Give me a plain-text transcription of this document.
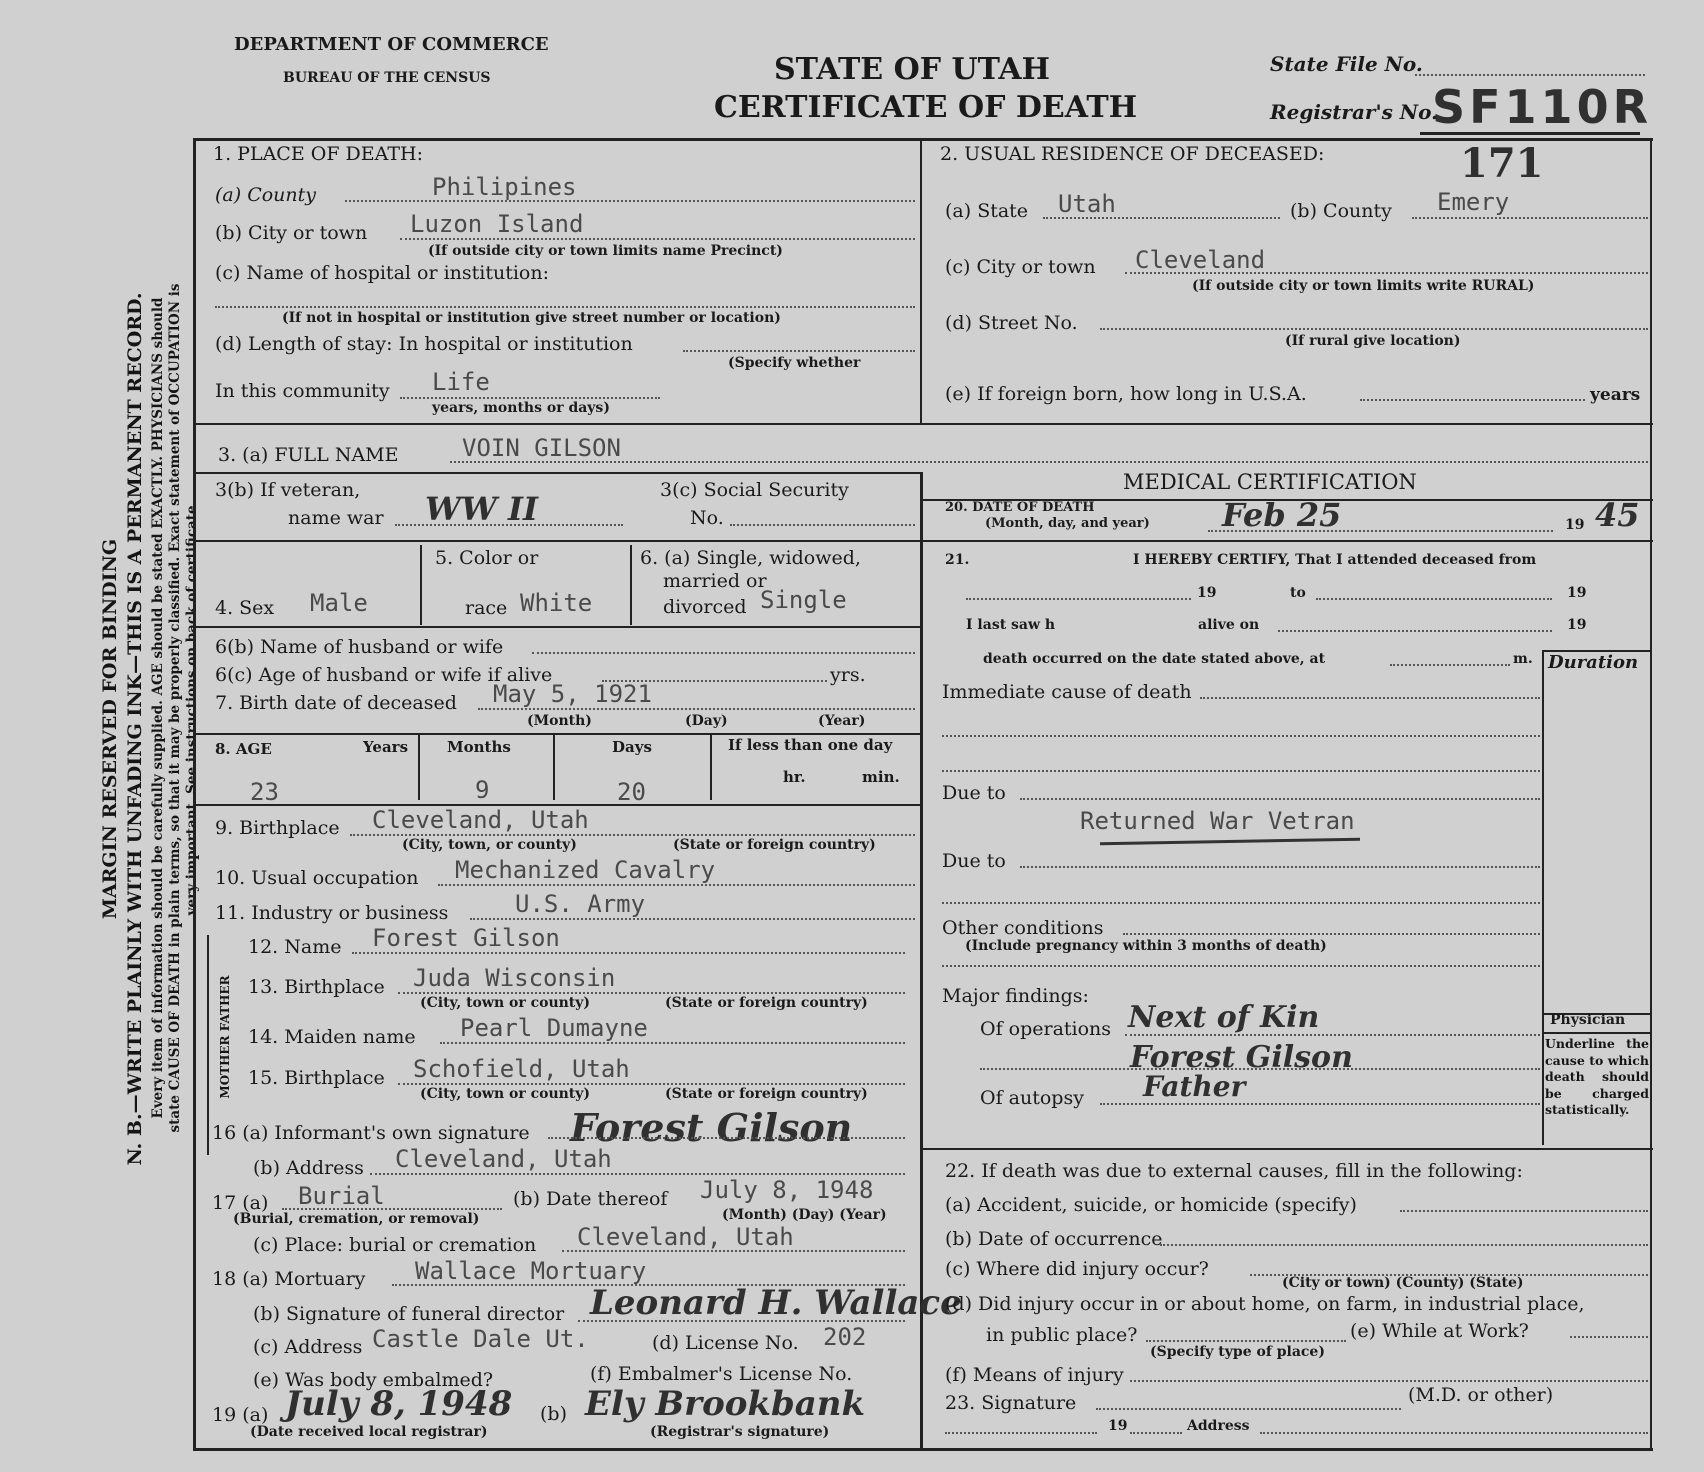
DEPARTMENT OF COMMERCE
BUREAU OF THE CENSUS	STATE OF UTAH
CERTIFICATE OF DEATH
State File No.
Registrar's No.
SF110R
171
MARGIN RESERVED FOR BINDING N. B.—WRITE PLAINLY WITH UNFADING INK—THIS IS A PERMANENT RECORD. Every item of information should be carefully supplied. AGE should be stated EXACTLY. PHYSICIANS should state CAUSE OF DEATH in plain terms, so that it may be properly classified. Exact statement of OCCUPATION is very important. See instructions on back of certificate.
1. PLACE OF DEATH:
(a) County	Philipines
(b) City or town Luzon Island
(If outside city or town limits name Precinct)
(c) Name of hospital or institution:
(If not in hospital or institution give street number or location)
(d) Length of stay: In hospital or institution
(Specify whether
In this community Life
years, months or days)
2. USUAL RESIDENCE OF DECEASED:
(a) State Utah	(b) County Emery
(c) City or town Cleveland
(If outside city or town limits write RURAL)
(d) Street No.
(If rural give location)
(e) If foreign born, how long in U.S.A.	years
3. (a) FULL NAME	VOIN GILSON
3(b) If veteran,
name war WW II	3(c) Social Security
No.
4. Sex Male
5. Color or
race White
6. (a) Single, widowed,
married or
divorced Single
6(b) Name of husband or wife
6(c) Age of husband or wife if alive	yrs.
7. Birth date of deceased May 5, 1921
(Month)	(Day)	(Year)
8. AGE	Years	Months	Days	If less than one day
hr.	min.
23	9	20
9. Birthplace Cleveland, Utah
(City, town, or county)	(State or foreign country)
10. Usual occupation Mechanized Cavalry
11. Industry or business	U.S. Army
MOTHER FATHER
12. Name Forest Gilson
13. Birthplace Juda Wisconsin
(City, town or county)	(State or foreign country)
14. Maiden name Pearl Dumayne
15. Birthplace Schofield, Utah
(City, town or county)	(State or foreign country)
16 (a) Informant's own signature Forest Gilson
(b) Address Cleveland, Utah
17 (a) Burial
(Burial, cremation, or removal)
(b) Date thereof July 8, 1948
(Month) (Day) (Year)
(c) Place: burial or cremation Cleveland, Utah
18 (a) Mortuary Wallace Mortuary
(b) Signature of funeral director Leonard H. Wallace
(c) Address Castle Dale Ut.	(d) License No. 202
(e) Was body embalmed?	(f) Embalmer's License No.
19 (a) July 8, 1948
(Date received local registrar)
(b) Ely Brookbank
(Registrar's signature)
MEDICAL CERTIFICATION
20. DATE OF DEATH
(Month, day, and year) Feb 25	19 45
21.	I HEREBY CERTIFY, That I attended deceased from
19	to	19
I last saw h	alive on	19
death occurred on the date stated above, at	m. Duration
Immediate cause of death
Due to
Returned War Vetran
Due to
Other conditions
(Include pregnancy within 3 months of death)
Major findings:
Of operations Next of Kin
Forest Gilson
Of autopsy Father
Physician
Underline the cause to which death should be charged statistically.
22. If death was due to external causes, fill in the following:
(a) Accident, suicide, or homicide (specify)
(b) Date of occurrence
(c) Where did injury occur?
(City or town) (County) (State)
(d) Did injury occur in or about home, on farm, in industrial place,
in public place?	(e) While at Work?
(Specify type of place)
(f) Means of injury
23. Signature	(M.D. or other)
19	Address
